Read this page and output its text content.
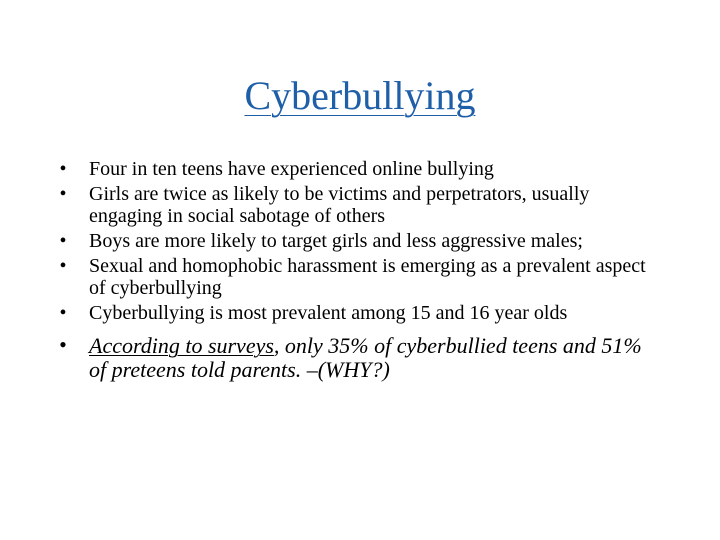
Cyberbullying
• Four in ten teens have experienced online bullying
• Girls are twice as likely to be victims and perpetrators, usually engaging in social sabotage of others
• Boys are more likely to target girls and less aggressive males;
• Sexual and homophobic harassment is emerging as a prevalent aspect of cyberbullying
• Cyberbullying is most prevalent among 15 and 16 year olds
• According to surveys, only 35% of cyberbullied teens and 51% of preteens told parents. –(WHY?)
